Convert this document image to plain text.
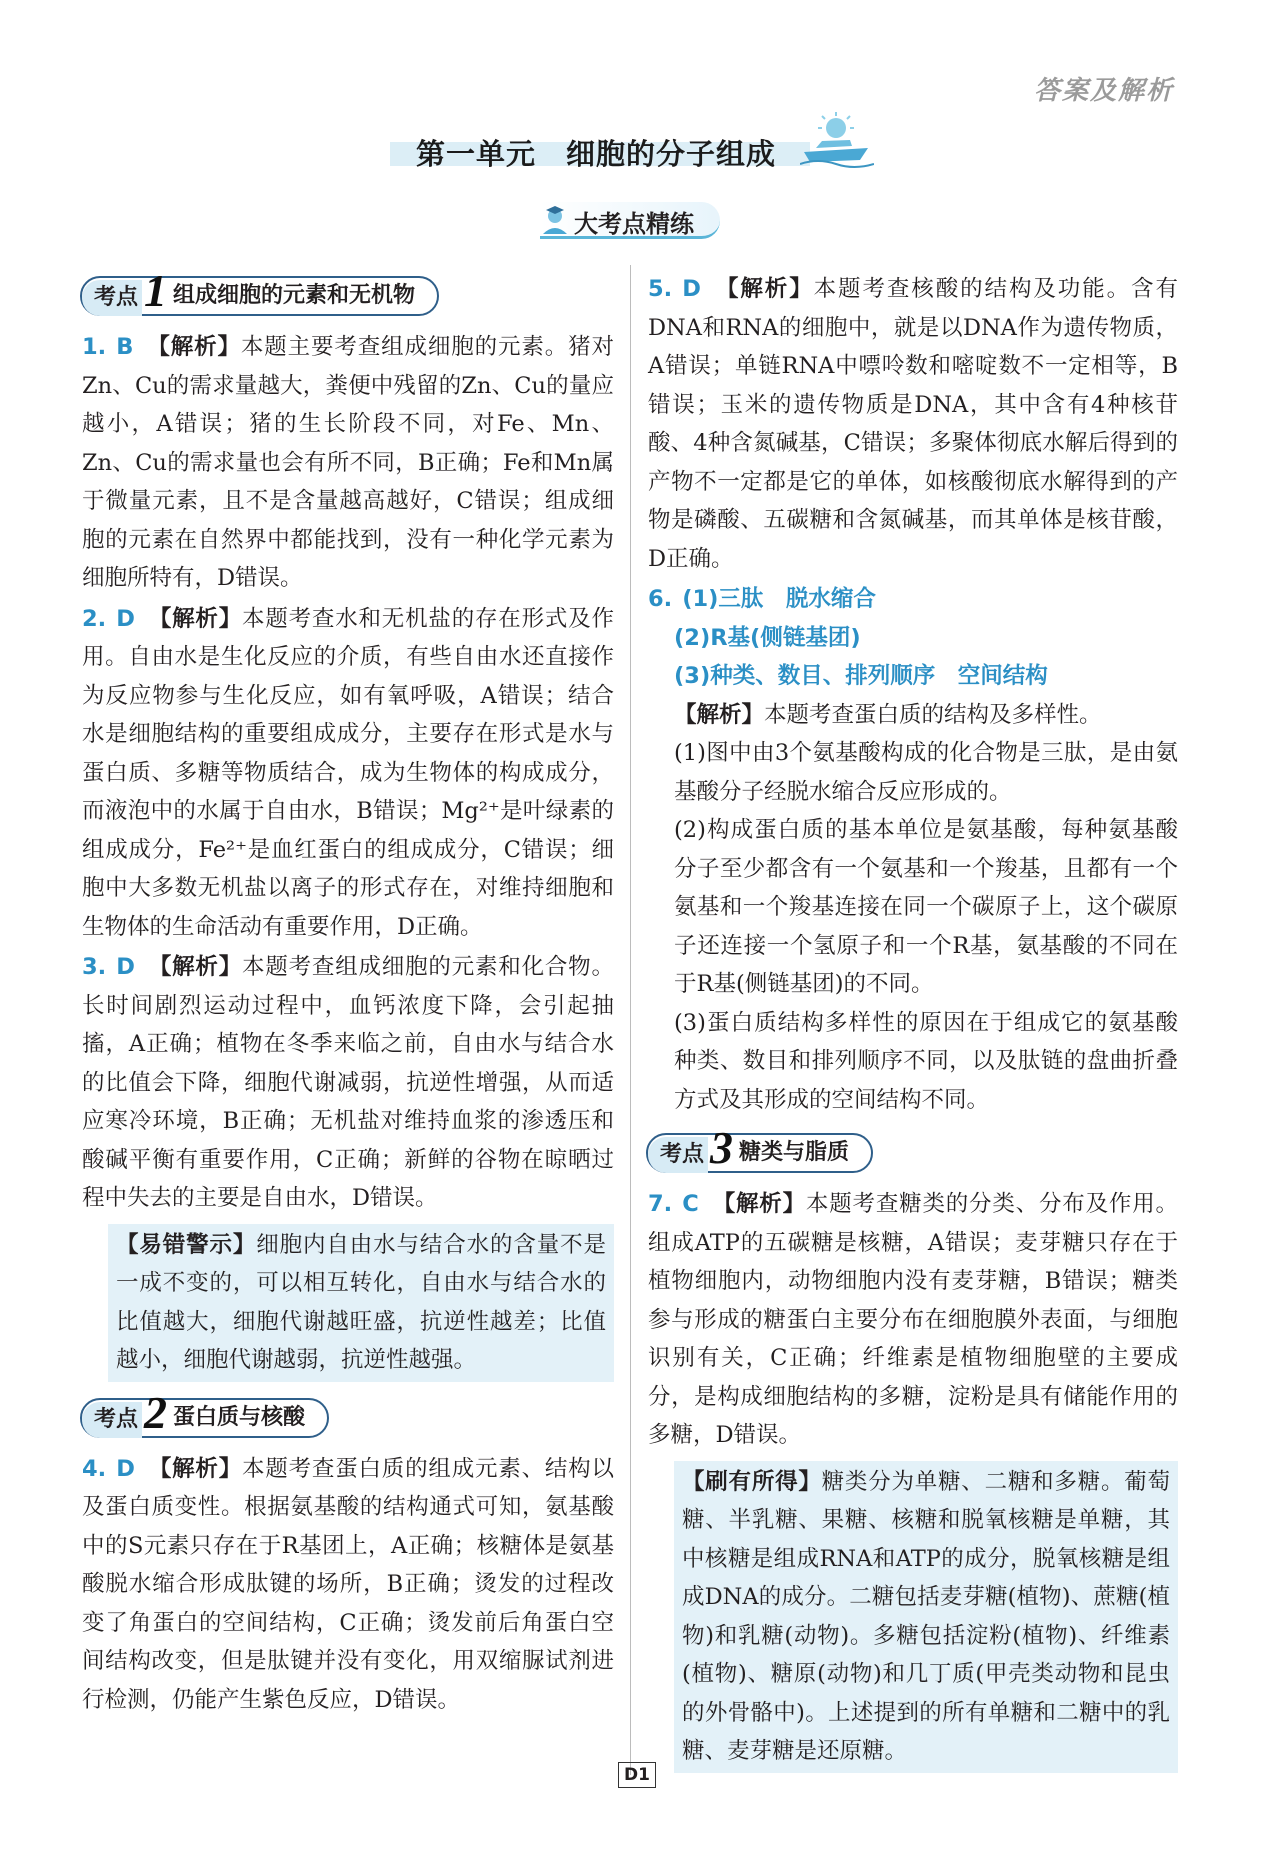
答案及解析
第一单元　细胞的分子组成
大考点精练
考点 1 组成细胞的元素和无机物
1. B 【解析】本题主要考查组成细胞的元素。猪对Zn、Cu的需求量越大，粪便中残留的Zn、Cu的量应越小，A错误；猪的生长阶段不同，对Fe、Mn、Zn、Cu的需求量也会有所不同，B正确；Fe和Mn属于微量元素，且不是含量越高越好，C错误；组成细胞的元素在自然界中都能找到，没有一种化学元素为细胞所特有，D错误。
2. D 【解析】本题考查水和无机盐的存在形式及作用。自由水是生化反应的介质，有些自由水还直接作为反应物参与生化反应，如有氧呼吸，A错误；结合水是细胞结构的重要组成成分，主要存在形式是水与蛋白质、多糖等物质结合，成为生物体的构成成分，而液泡中的水属于自由水，B错误；Mg²⁺是叶绿素的组成成分，Fe²⁺是血红蛋白的组成成分，C错误；细胞中大多数无机盐以离子的形式存在，对维持细胞和生物体的生命活动有重要作用，D正确。
3. D 【解析】本题考查组成细胞的元素和化合物。长时间剧烈运动过程中，血钙浓度下降，会引起抽搐，A正确；植物在冬季来临之前，自由水与结合水的比值会下降，细胞代谢减弱，抗逆性增强，从而适应寒冷环境，B正确；无机盐对维持血浆的渗透压和酸碱平衡有重要作用，C正确；新鲜的谷物在晾晒过程中失去的主要是自由水，D错误。
【易错警示】细胞内自由水与结合水的含量不是一成不变的，可以相互转化，自由水与结合水的比值越大，细胞代谢越旺盛，抗逆性越差；比值越小，细胞代谢越弱，抗逆性越强。
考点 2 蛋白质与核酸
4. D 【解析】本题考查蛋白质的组成元素、结构以及蛋白质变性。根据氨基酸的结构通式可知，氨基酸中的S元素只存在于R基团上，A正确；核糖体是氨基酸脱水缩合形成肽键的场所，B正确；烫发的过程改变了角蛋白的空间结构，C正确；烫发前后角蛋白空间结构改变，但是肽键并没有变化，用双缩脲试剂进行检测，仍能产生紫色反应，D错误。
5. D 【解析】本题考查核酸的结构及功能。含有DNA和RNA的细胞中，就是以DNA作为遗传物质，A错误；单链RNA中嘌呤数和嘧啶数不一定相等，B错误；玉米的遗传物质是DNA，其中含有4种核苷酸、4种含氮碱基，C错误；多聚体彻底水解后得到的产物不一定都是它的单体，如核酸彻底水解得到的产物是磷酸、五碳糖和含氮碱基，而其单体是核苷酸，D正确。
6. (1)三肽　脱水缩合
(2)R基(侧链基团)
(3)种类、数目、排列顺序　空间结构
【解析】本题考查蛋白质的结构及多样性。
(1)图中由3个氨基酸构成的化合物是三肽，是由氨基酸分子经脱水缩合反应形成的。
(2)构成蛋白质的基本单位是氨基酸，每种氨基酸分子至少都含有一个氨基和一个羧基，且都有一个氨基和一个羧基连接在同一个碳原子上，这个碳原子还连接一个氢原子和一个R基，氨基酸的不同在于R基(侧链基团)的不同。
(3)蛋白质结构多样性的原因在于组成它的氨基酸种类、数目和排列顺序不同，以及肽链的盘曲折叠方式及其形成的空间结构不同。
考点 3 糖类与脂质
7. C 【解析】本题考查糖类的分类、分布及作用。组成ATP的五碳糖是核糖，A错误；麦芽糖只存在于植物细胞内，动物细胞内没有麦芽糖，B错误；糖类参与形成的糖蛋白主要分布在细胞膜外表面，与细胞识别有关，C正确；纤维素是植物细胞壁的主要成分，是构成细胞结构的多糖，淀粉是具有储能作用的多糖，D错误。
【刷有所得】糖类分为单糖、二糖和多糖。葡萄糖、半乳糖、果糖、核糖和脱氧核糖是单糖，其中核糖是组成RNA和ATP的成分，脱氧核糖是组成DNA的成分。二糖包括麦芽糖(植物)、蔗糖(植物)和乳糖(动物)。多糖包括淀粉(植物)、纤维素(植物)、糖原(动物)和几丁质(甲壳类动物和昆虫的外骨骼中)。上述提到的所有单糖和二糖中的乳糖、麦芽糖是还原糖。
D1
